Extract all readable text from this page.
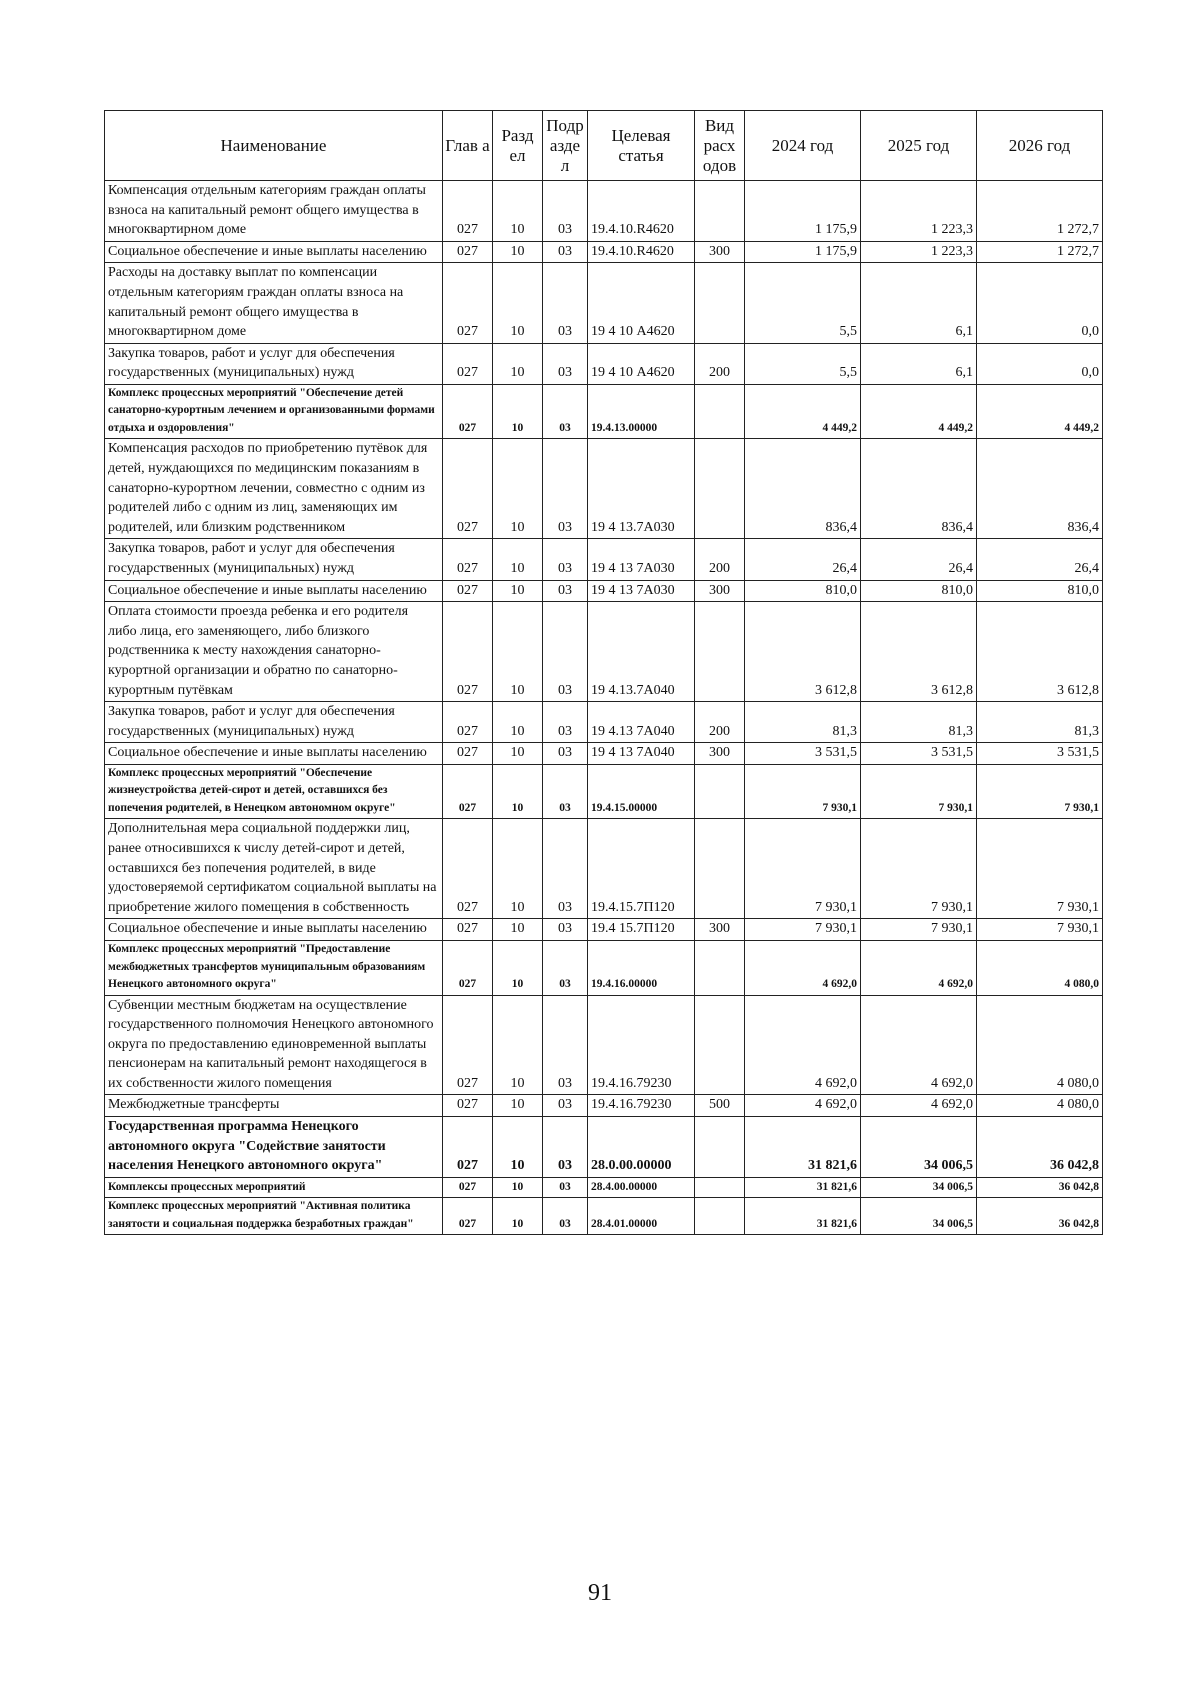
Наименование	Глав а	Разд ел	Подр азде л	Целевая статья	Вид расх одов	2024 год	2025 год	2026 год
Компенсация отдельным категориям граждан оплаты взноса на капитальный ремонт общего имущества в многоквартирном доме	027	10	03	19.4.10.R4620		1 175,9	1 223,3	1 272,7
Социальное обеспечение и иные выплаты населению	027	10	03	19.4.10.R4620	300	1 175,9	1 223,3	1 272,7
Расходы на доставку выплат по компенсации отдельным категориям граждан оплаты взноса на капитальный ремонт общего имущества в многоквартирном доме	027	10	03	19 4 10 А4620		5,5	6,1	0,0
Закупка товаров, работ и услуг для обеспечения государственных (муниципальных) нужд	027	10	03	19 4 10 А4620	200	5,5	6,1	0,0
Комплекс процессных мероприятий "Обеспечение детей санаторно-курортным лечением и организованными формами отдыха и оздоровления"	027	10	03	19.4.13.00000		4 449,2	4 449,2	4 449,2
Компенсация расходов по приобретению путёвок для детей, нуждающихся по медицинским показаниям в санаторно-курортном лечении, совместно с одним из родителей либо с одним из лиц, заменяющих им родителей, или близким родственником	027	10	03	19 4 13.7А030		836,4	836,4	836,4
Закупка товаров, работ и услуг для обеспечения государственных (муниципальных) нужд	027	10	03	19 4 13 7А030	200	26,4	26,4	26,4
Социальное обеспечение и иные выплаты населению	027	10	03	19 4 13 7А030	300	810,0	810,0	810,0
Оплата стоимости проезда ребенка и его родителя либо лица, его заменяющего, либо близкого родственника к месту нахождения санаторно-курортной организации и обратно по санаторно-курортным путёвкам	027	10	03	19 4.13.7А040		3 612,8	3 612,8	3 612,8
Закупка товаров, работ и услуг для обеспечения государственных (муниципальных) нужд	027	10	03	19 4.13 7А040	200	81,3	81,3	81,3
Социальное обеспечение и иные выплаты населению	027	10	03	19 4 13 7А040	300	3 531,5	3 531,5	3 531,5
Комплекс процессных мероприятий "Обеспечение жизнеустройства детей-сирот и детей, оставшихся без попечения родителей, в Ненецком автономном округе"	027	10	03	19.4.15.00000		7 930,1	7 930,1	7 930,1
Дополнительная мера социальной поддержки лиц, ранее относившихся к числу детей-сирот и детей, оставшихся без попечения родителей, в виде удостоверяемой сертификатом социальной выплаты на приобретение жилого помещения в собственность	027	10	03	19.4.15.7П120		7 930,1	7 930,1	7 930,1
Социальное обеспечение и иные выплаты населению	027	10	03	19.4 15.7П120	300	7 930,1	7 930,1	7 930,1
Комплекс процессных мероприятий "Предоставление межбюджетных трансфертов муниципальным образованиям Ненецкого автономного округа"	027	10	03	19.4.16.00000		4 692,0	4 692,0	4 080,0
Субвенции местным бюджетам на осуществление государственного полномочия Ненецкого автономного округа по предоставлению единовременной выплаты пенсионерам на капитальный ремонт находящегося в их собственности жилого помещения	027	10	03	19.4.16.79230		4 692,0	4 692,0	4 080,0
Межбюджетные трансферты	027	10	03	19.4.16.79230	500	4 692,0	4 692,0	4 080,0
Государственная программа Ненецкого автономного округа "Содействие занятости населения Ненецкого автономного округа"	027	10	03	28.0.00.00000		31 821,6	34 006,5	36 042,8
Комплексы процессных мероприятий	027	10	03	28.4.00.00000		31 821,6	34 006,5	36 042,8
Комплекс процессных мероприятий "Активная политика занятости и социальная поддержка безработных граждан"	027	10	03	28.4.01.00000		31 821,6	34 006,5	36 042,8
91
